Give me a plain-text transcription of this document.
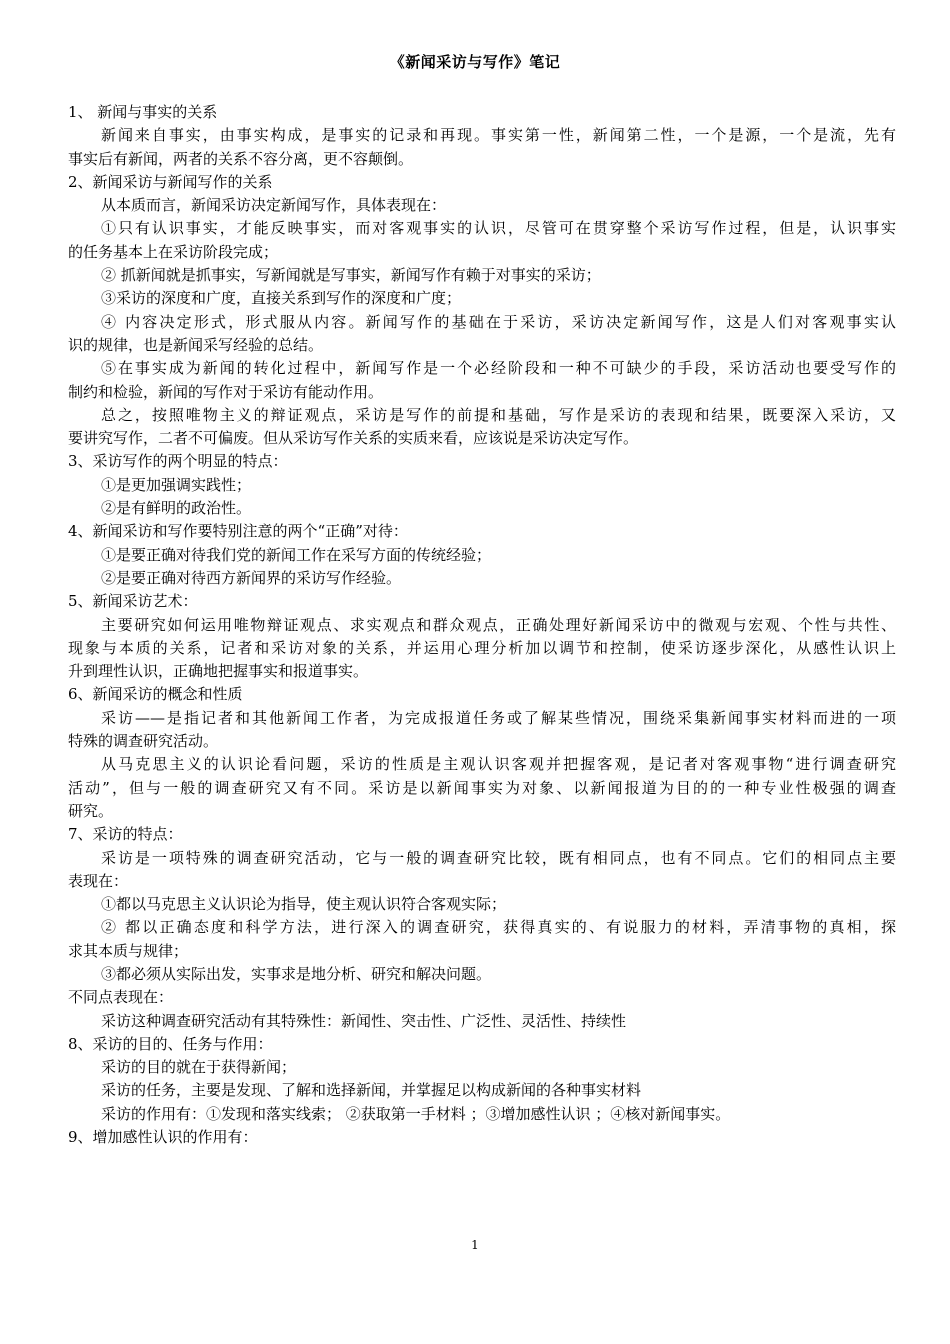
《新闻采访与写作》笔记
1、 新闻与事实的关系
新闻来自事实，由事实构成，是事实的记录和再现。事实第一性，新闻第二性，一个是源，一个是流，先有
事实后有新闻，两者的关系不容分离，更不容颠倒。
2、新闻采访与新闻写作的关系
从本质而言，新闻采访决定新闻写作，具体表现在：
①只有认识事实，才能反映事实，而对客观事实的认识，尽管可在贯穿整个采访写作过程，但是，认识事实
的任务基本上在采访阶段完成；
② 抓新闻就是抓事实，写新闻就是写事实，新闻写作有赖于对事实的采访；
③采访的深度和广度，直接关系到写作的深度和广度；
④ 内容决定形式，形式服从内容。新闻写作的基础在于采访，采访决定新闻写作，这是人们对客观事实认
识的规律，也是新闻采写经验的总结。
⑤在事实成为新闻的转化过程中，新闻写作是一个必经阶段和一种不可缺少的手段，采访活动也要受写作的
制约和检验，新闻的写作对于采访有能动作用。
总之，按照唯物主义的辩证观点，采访是写作的前提和基础，写作是采访的表现和结果，既要深入采访，又
要讲究写作，二者不可偏废。但从采访写作关系的实质来看，应该说是采访决定写作。
3、采访写作的两个明显的特点：
①是更加强调实践性；
②是有鲜明的政治性。
4、新闻采访和写作要特别注意的两个“正确”对待：
①是要正确对待我们党的新闻工作在采写方面的传统经验；
②是要正确对待西方新闻界的采访写作经验。
5、新闻采访艺术：
主要研究如何运用唯物辩证观点、求实观点和群众观点，正确处理好新闻采访中的微观与宏观、个性与共性、
现象与本质的关系，记者和采访对象的关系，并运用心理分析加以调节和控制，使采访逐步深化，从感性认识上
升到理性认识，正确地把握事实和报道事实。
6、新闻采访的概念和性质
采访——是指记者和其他新闻工作者，为完成报道任务或了解某些情况，围绕采集新闻事实材料而进的一项
特殊的调查研究活动。
从马克思主义的认识论看问题，采访的性质是主观认识客观并把握客观，是记者对客观事物“进行调查研究
活动”，但与一般的调查研究又有不同。采访是以新闻事实为对象、以新闻报道为目的的一种专业性极强的调查
研究。
7、采访的特点：
采访是一项特殊的调查研究活动，它与一般的调查研究比较，既有相同点，也有不同点。它们的相同点主要
表现在：
①都以马克思主义认识论为指导，使主观认识符合客观实际；
② 都以正确态度和科学方法，进行深入的调查研究，获得真实的、有说服力的材料，弄清事物的真相，探
求其本质与规律；
③都必须从实际出发，实事求是地分析、研究和解决问题。
不同点表现在：
采访这种调查研究活动有其特殊性：新闻性、突击性、广泛性、灵活性、持续性
8、采访的目的、任务与作用：
采访的目的就在于获得新闻；
采访的任务，主要是发现、了解和选择新闻，并掌握足以构成新闻的各种事实材料
采访的作用有：①发现和落实线索； ②获取第一手材料 ；③增加感性认识 ；④核对新闻事实。
9、增加感性认识的作用有：
1
